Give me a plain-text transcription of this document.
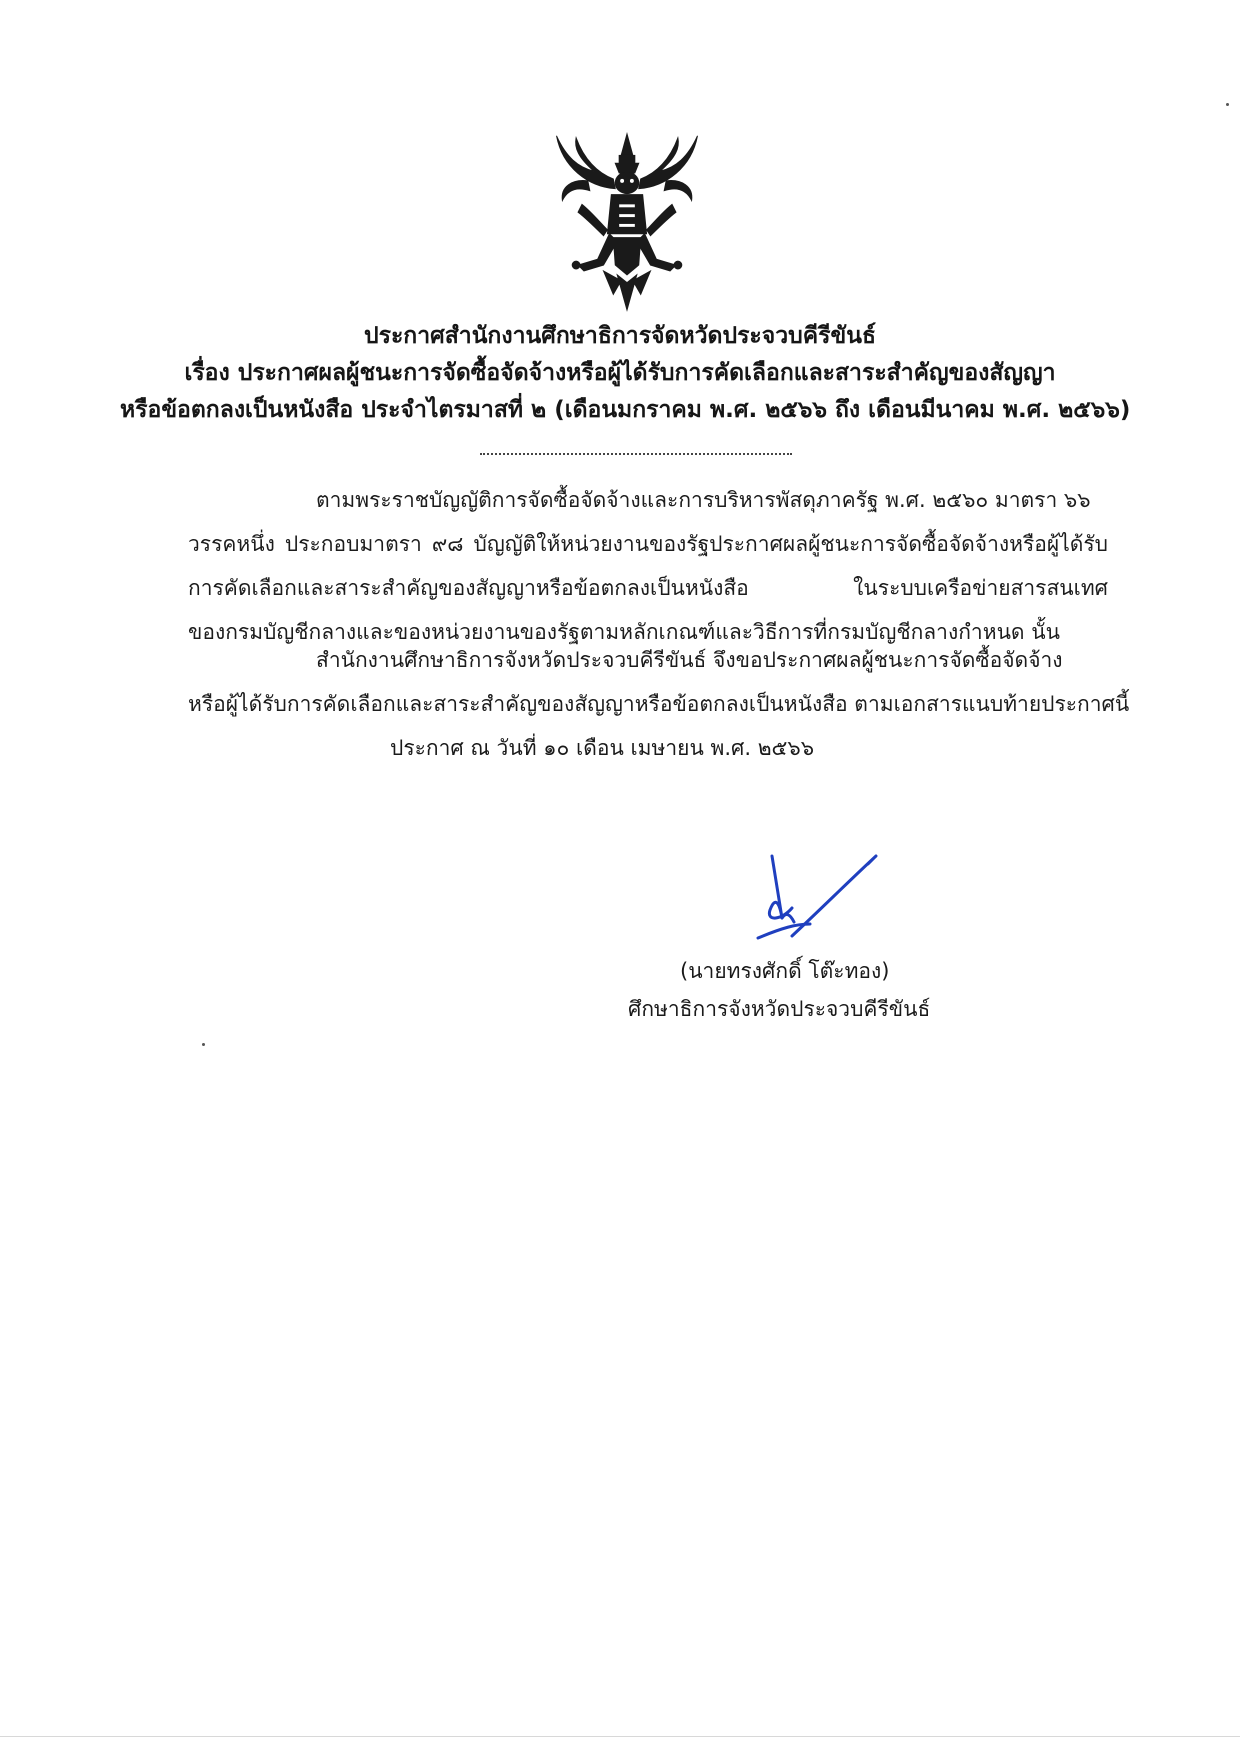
ประกาศสำนักงานศึกษาธิการจัดหวัดประจวบคีรีขันธ์
เรื่อง ประกาศผลผู้ชนะการจัดซื้อจัดจ้างหรือผู้ได้รับการคัดเลือกและสาระสำคัญของสัญญา
หรือข้อตกลงเป็นหนังสือ ประจำไตรมาสที่ ๒ (เดือนมกราคม พ.ศ. ๒๕๖๖ ถึง เดือนมีนาคม พ.ศ. ๒๕๖๖)
ตามพระราชบัญญัติการจัดซื้อจัดจ้างและการบริหารพัสดุภาครัฐ พ.ศ. ๒๕๖๐ มาตรา ๖๖
วรรคหนึ่ง ประกอบมาตรา ๙๘ บัญญัติให้หน่วยงานของรัฐประกาศผลผู้ชนะการจัดซื้อจัดจ้างหรือผู้ได้รับ
การคัดเลือกและสาระสำคัญของสัญญาหรือข้อตกลงเป็นหนังสือ ในระบบเครือข่ายสารสนเทศ
ของกรมบัญชีกลางและของหน่วยงานของรัฐตามหลักเกณฑ์และวิธีการที่กรมบัญชีกลางกำหนด นั้น
สำนักงานศึกษาธิการจังหวัดประจวบคีรีขันธ์ จึงขอประกาศผลผู้ชนะการจัดซื้อจัดจ้าง
หรือผู้ได้รับการคัดเลือกและสาระสำคัญของสัญญาหรือข้อตกลงเป็นหนังสือ ตามเอกสารแนบท้ายประกาศนี้
ประกาศ ณ วันที่ ๑๐ เดือน เมษายน พ.ศ. ๒๕๖๖
(นายทรงศักดิ์ โต๊ะทอง)
ศึกษาธิการจังหวัดประจวบคีรีขันธ์
